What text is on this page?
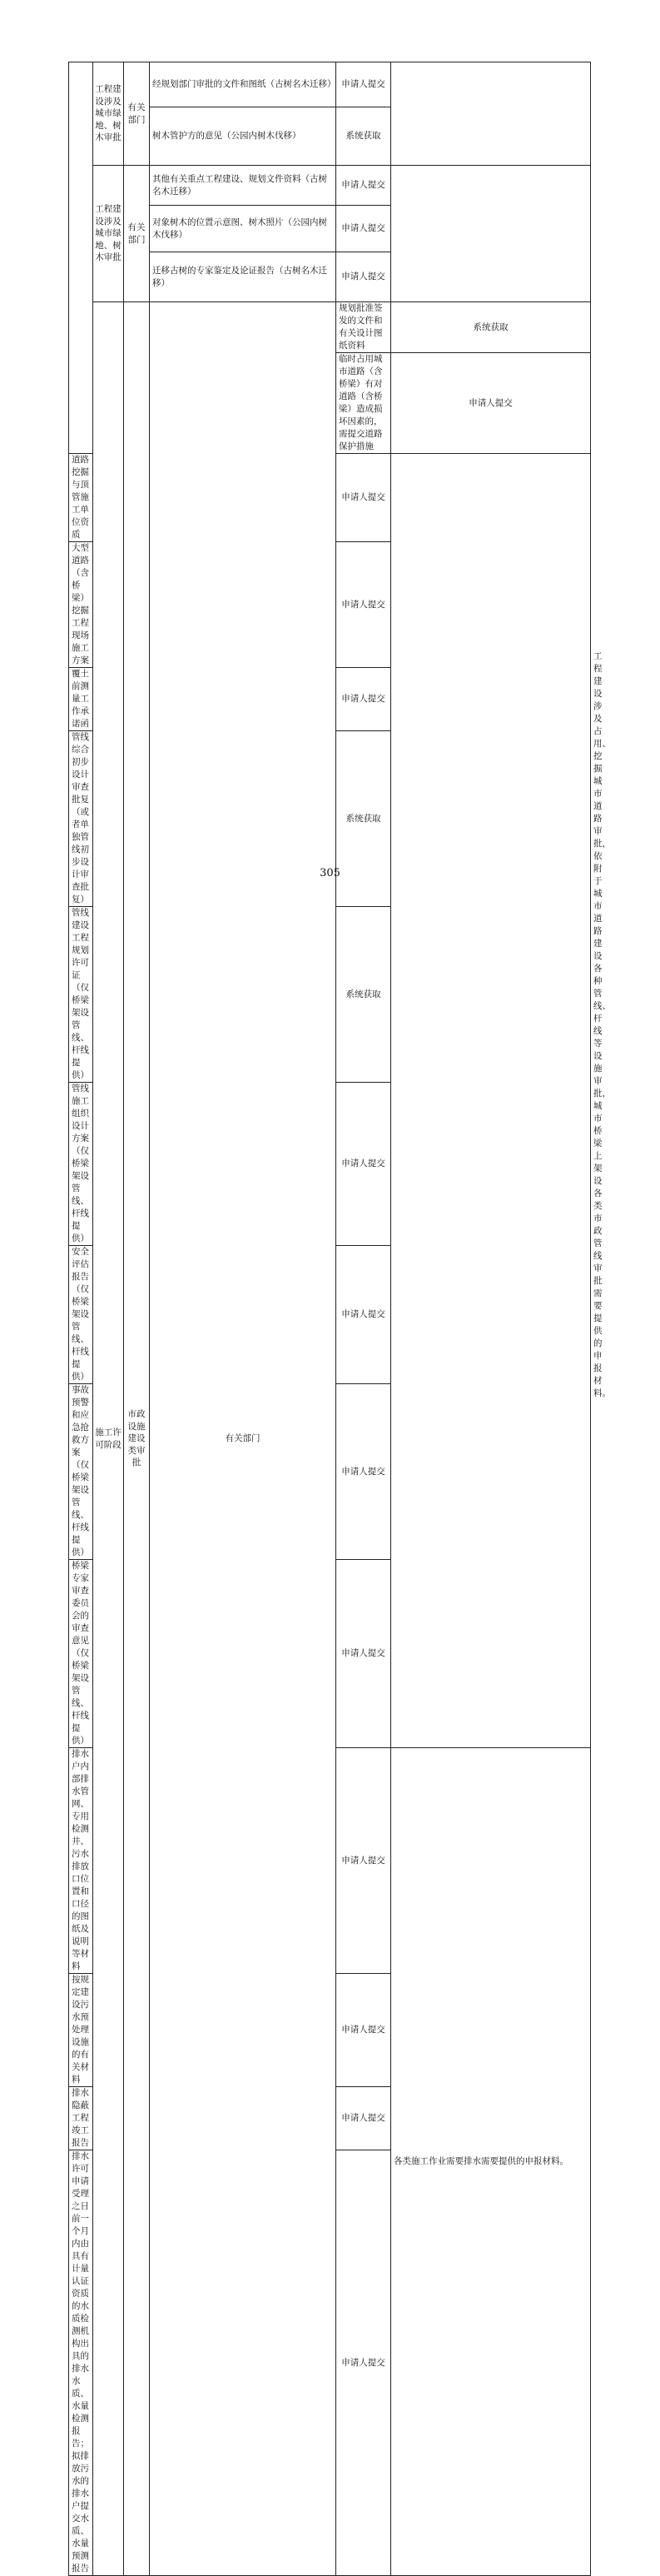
	工程建设涉及城市绿地、树木审批	有关部门	经规划部门审批的文件和图纸（古树名木迁移）	申请人提交		
			树木管护方的意见（公园内树木伐移）	系统获取		
	工程建设涉及城市绿地、树木审批	有关部门	其他有关重点工程建设、规划文件资料（古树名木迁移）	申请人提交		
			对象树木的位置示意图、树木照片（公园内树木伐移）	申请人提交		
			迁移古树的专家鉴定及论证报告（古树名木迁移）	申请人提交		
	施工许可阶段	市政设施建设类审批	有关部门	规划批准签发的文件和有关设计图纸资料	系统获取	工程建设涉及占用、挖掘城市道路审批，依附于城市道路建设各种管线、杆线等设施审批，城市桥梁上架设各类市政管线审批需要提供的申报材料。
				临时占用城市道路（含桥梁）有对道路（含桥梁）造成损坏因素的，需提交道路保护措施	申请人提交	
道路挖掘与顶管施工单位资质				申请人提交		
大型道路（含桥梁）挖掘工程现场施工方案				申请人提交		
覆土前测量工作承诺函				申请人提交		
管线综合初步设计审查批复（或者单独管线初步设计审查批复）				系统获取		
管线建设工程规划许可证（仅桥梁架设管线、杆线提供）				系统获取		
管线施工组织设计方案（仅桥梁架设管线、杆线提供）				申请人提交		
安全评估报告（仅桥梁架设管线、杆线提供）				申请人提交		
事故预警和应急抢救方案（仅桥梁架设管线、杆线提供）				申请人提交		
桥梁专家审查委员会的审查意见（仅桥梁架设管线、杆线提供）				申请人提交		
排水户内部排水管网、专用检测井、污水排放口位置和口径的图纸及说明等材料				申请人提交	各类施工作业需要排水需要提供的申报材料。	
按规定建设污水预处理设施的有关材料				申请人提交		
排水隐蔽工程竣工报告				申请人提交		
排水许可申请受理之日前一个月内由具有计量认证资质的水质检测机构出具的排水水质、水量检测报告；拟排放污水的排水户提交水质、水量预测报告				申请人提交		
305
